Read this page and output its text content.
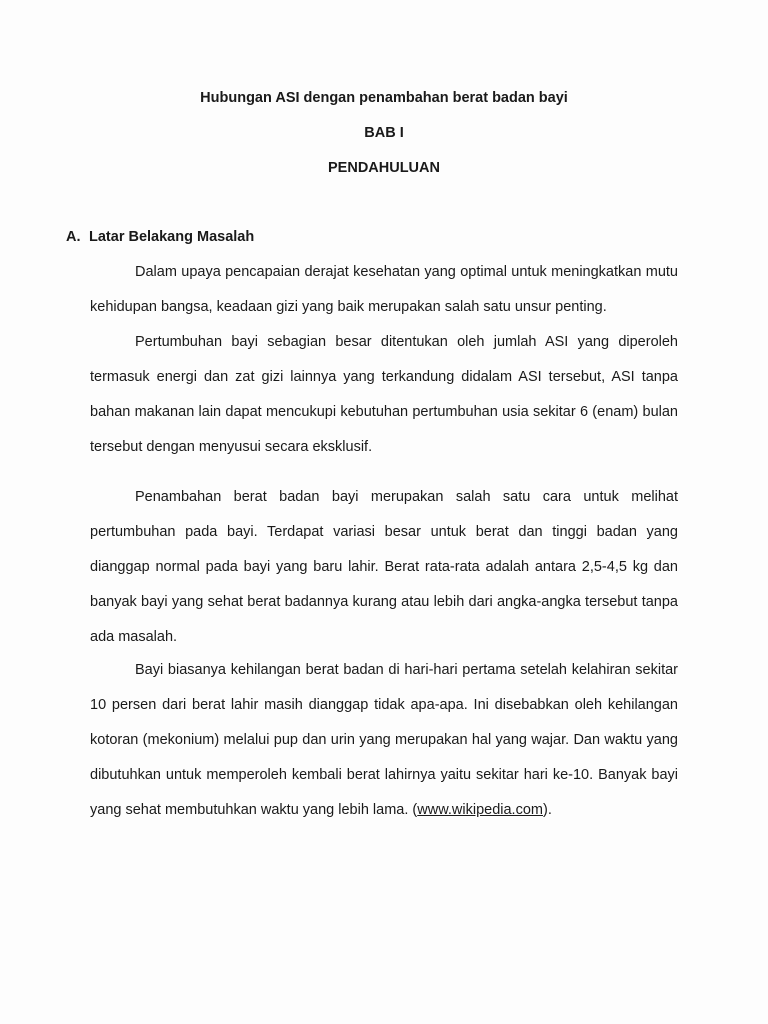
Hubungan ASI dengan penambahan berat badan bayi
BAB I
PENDAHULUAN
A. Latar Belakang Masalah
Dalam upaya pencapaian derajat kesehatan yang optimal untuk meningkatkan mutu kehidupan bangsa, keadaan gizi yang baik merupakan salah satu unsur penting.
Pertumbuhan bayi sebagian besar ditentukan oleh jumlah ASI yang diperoleh termasuk energi dan zat gizi lainnya yang terkandung didalam ASI tersebut, ASI tanpa bahan makanan lain dapat mencukupi kebutuhan pertumbuhan usia sekitar 6 (enam) bulan tersebut dengan menyusui secara eksklusif.
Penambahan berat badan bayi merupakan salah satu cara untuk melihat pertumbuhan pada bayi. Terdapat variasi besar untuk berat dan tinggi badan yang dianggap normal pada bayi yang baru lahir. Berat rata-rata adalah antara 2,5-4,5 kg dan banyak bayi yang sehat berat badannya kurang atau lebih dari angka-angka tersebut tanpa ada masalah.
Bayi biasanya kehilangan berat badan di hari-hari pertama setelah kelahiran sekitar 10 persen dari berat lahir masih dianggap tidak apa-apa. Ini disebabkan oleh kehilangan kotoran (mekonium) melalui pup dan urin yang merupakan hal yang wajar. Dan waktu yang dibutuhkan untuk memperoleh kembali berat lahirnya yaitu sekitar hari ke-10. Banyak bayi yang sehat membutuhkan waktu yang lebih lama. (www.wikipedia.com).
